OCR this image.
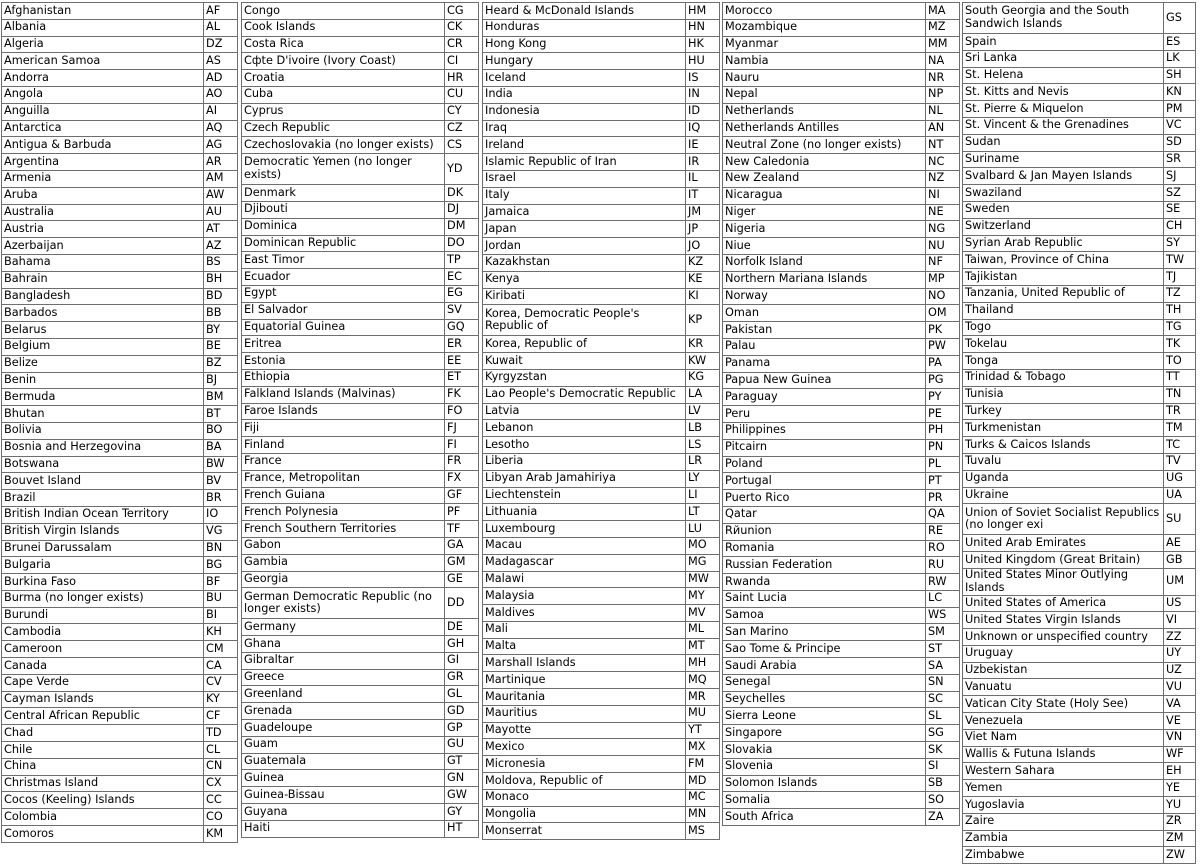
Afghanistan	AF
Albania	AL
Algeria	DZ
American Samoa	AS
Andorra	AD
Angola	AO
Anguilla	AI
Antarctica	AQ
Antigua & Barbuda	AG
Argentina	AR
Armenia	AM
Aruba	AW
Australia	AU
Austria	AT
Azerbaijan	AZ
Bahama	BS
Bahrain	BH
Bangladesh	BD
Barbados	BB
Belarus	BY
Belgium	BE
Belize	BZ
Benin	BJ
Bermuda	BM
Bhutan	BT
Bolivia	BO
Bosnia and Herzegovina	BA
Botswana	BW
Bouvet Island	BV
Brazil	BR
British Indian Ocean Territory	IO
British Virgin Islands	VG
Brunei Darussalam	BN
Bulgaria	BG
Burkina Faso	BF
Burma (no longer exists)	BU
Burundi	BI
Cambodia	KH
Cameroon	CM
Canada	CA
Cape Verde	CV
Cayman Islands	KY
Central African Republic	CF
Chad	TD
Chile	CL
China	CN
Christmas Island	CX
Cocos (Keeling) Islands	CC
Colombia	CO
Comoros	KM
Congo	CG
Cook Islands	CK
Costa Rica	CR
Cфte D'ivoire (Ivory Coast)	CI
Croatia	HR
Cuba	CU
Cyprus	CY
Czech Republic	CZ
Czechoslovakia (no longer exists)	CS
Democratic Yemen (no longer exists)	YD
Denmark	DK
Djibouti	DJ
Dominica	DM
Dominican Republic	DO
East Timor	TP
Ecuador	EC
Egypt	EG
El Salvador	SV
Equatorial Guinea	GQ
Eritrea	ER
Estonia	EE
Ethiopia	ET
Falkland Islands (Malvinas)	FK
Faroe Islands	FO
Fiji	FJ
Finland	FI
France	FR
France, Metropolitan	FX
French Guiana	GF
French Polynesia	PF
French Southern Territories	TF
Gabon	GA
Gambia	GM
Georgia	GE
German Democratic Republic (no longer exists)	DD
Germany	DE
Ghana	GH
Gibraltar	GI
Greece	GR
Greenland	GL
Grenada	GD
Guadeloupe	GP
Guam	GU
Guatemala	GT
Guinea	GN
Guinea-Bissau	GW
Guyana	GY
Haiti	HT
Heard & McDonald Islands	HM
Honduras	HN
Hong Kong	HK
Hungary	HU
Iceland	IS
India	IN
Indonesia	ID
Iraq	IQ
Ireland	IE
Islamic Republic of Iran	IR
Israel	IL
Italy	IT
Jamaica	JM
Japan	JP
Jordan	JO
Kazakhstan	KZ
Kenya	KE
Kiribati	KI
Korea, Democratic People's Republic of	KP
Korea, Republic of	KR
Kuwait	KW
Kyrgyzstan	KG
Lao People's Democratic Republic	LA
Latvia	LV
Lebanon	LB
Lesotho	LS
Liberia	LR
Libyan Arab Jamahiriya	LY
Liechtenstein	LI
Lithuania	LT
Luxembourg	LU
Macau	MO
Madagascar	MG
Malawi	MW
Malaysia	MY
Maldives	MV
Mali	ML
Malta	MT
Marshall Islands	MH
Martinique	MQ
Mauritania	MR
Mauritius	MU
Mayotte	YT
Mexico	MX
Micronesia	FM
Moldova, Republic of	MD
Monaco	MC
Mongolia	MN
Monserrat	MS
Morocco	MA
Mozambique	MZ
Myanmar	MM
Nambia	NA
Nauru	NR
Nepal	NP
Netherlands	NL
Netherlands Antilles	AN
Neutral Zone (no longer exists)	NT
New Caledonia	NC
New Zealand	NZ
Nicaragua	NI
Niger	NE
Nigeria	NG
Niue	NU
Norfolk Island	NF
Northern Mariana Islands	MP
Norway	NO
Oman	OM
Pakistan	PK
Palau	PW
Panama	PA
Papua New Guinea	PG
Paraguay	PY
Peru	PE
Philippines	PH
Pitcairn	PN
Poland	PL
Portugal	PT
Puerto Rico	PR
Qatar	QA
Rйunion	RE
Romania	RO
Russian Federation	RU
Rwanda	RW
Saint Lucia	LC
Samoa	WS
San Marino	SM
Sao Tome & Principe	ST
Saudi Arabia	SA
Senegal	SN
Seychelles	SC
Sierra Leone	SL
Singapore	SG
Slovakia	SK
Slovenia	SI
Solomon Islands	SB
Somalia	SO
South Africa	ZA
South Georgia and the South Sandwich Islands	GS
Spain	ES
Sri Lanka	LK
St. Helena	SH
St. Kitts and Nevis	KN
St. Pierre & Miquelon	PM
St. Vincent & the Grenadines	VC
Sudan	SD
Suriname	SR
Svalbard & Jan Mayen Islands	SJ
Swaziland	SZ
Sweden	SE
Switzerland	CH
Syrian Arab Republic	SY
Taiwan, Province of China	TW
Tajikistan	TJ
Tanzania, United Republic of	TZ
Thailand	TH
Togo	TG
Tokelau	TK
Tonga	TO
Trinidad & Tobago	TT
Tunisia	TN
Turkey	TR
Turkmenistan	TM
Turks & Caicos Islands	TC
Tuvalu	TV
Uganda	UG
Ukraine	UA
Union of Soviet Socialist Republics (no longer exi	SU
United Arab Emirates	AE
United Kingdom (Great Britain)	GB
United States Minor Outlying Islands	UM
United States of America	US
United States Virgin Islands	VI
Unknown or unspecified country	ZZ
Uruguay	UY
Uzbekistan	UZ
Vanuatu	VU
Vatican City State (Holy See)	VA
Venezuela	VE
Viet Nam	VN
Wallis & Futuna Islands	WF
Western Sahara	EH
Yemen	YE
Yugoslavia	YU
Zaire	ZR
Zambia	ZM
Zimbabwe	ZW
